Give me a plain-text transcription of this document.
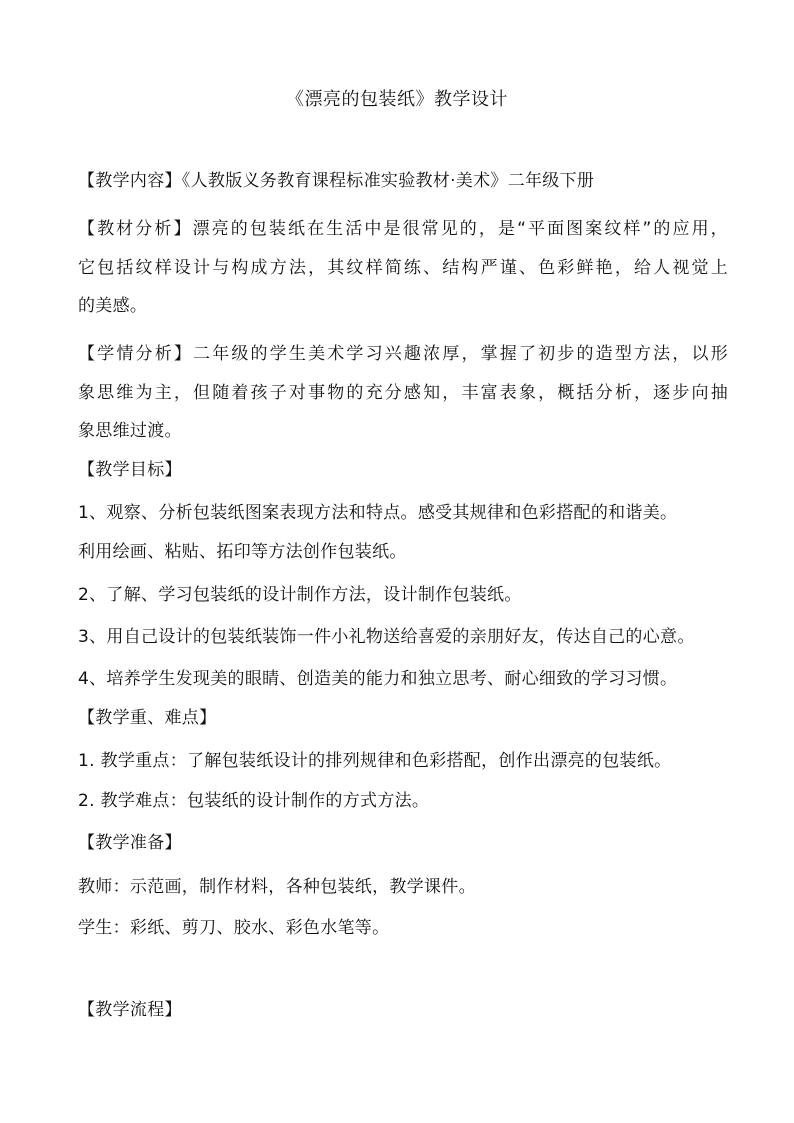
《漂亮的包装纸》教学设计
【教学内容】《人教版义务教育课程标准实验教材·美术》二年级下册
【教材分析】漂亮的包装纸在生活中是很常见的，是“平面图案纹样”的应用，
它包括纹样设计与构成方法，其纹样简练、结构严谨、色彩鲜艳，给人视觉上
的美感。
【学情分析】二年级的学生美术学习兴趣浓厚，掌握了初步的造型方法，以形
象思维为主，但随着孩子对事物的充分感知，丰富表象，概括分析，逐步向抽
象思维过渡。
【教学目标】
1、观察、分析包装纸图案表现方法和特点。感受其规律和色彩搭配的和谐美。
利用绘画、粘贴、拓印等方法创作包装纸。
2、了解、学习包装纸的设计制作方法，设计制作包装纸。
3、用自己设计的包装纸装饰一件小礼物送给喜爱的亲朋好友，传达自己的心意。
4、培养学生发现美的眼睛、创造美的能力和独立思考、耐心细致的学习习惯。
【教学重、难点】
1. 教学重点：了解包装纸设计的排列规律和色彩搭配，创作出漂亮的包装纸。
2. 教学难点：包装纸的设计制作的方式方法。
【教学准备】
教师：示范画，制作材料，各种包装纸，教学课件。
学生：彩纸、剪刀、胶水、彩色水笔等。
【教学流程】
